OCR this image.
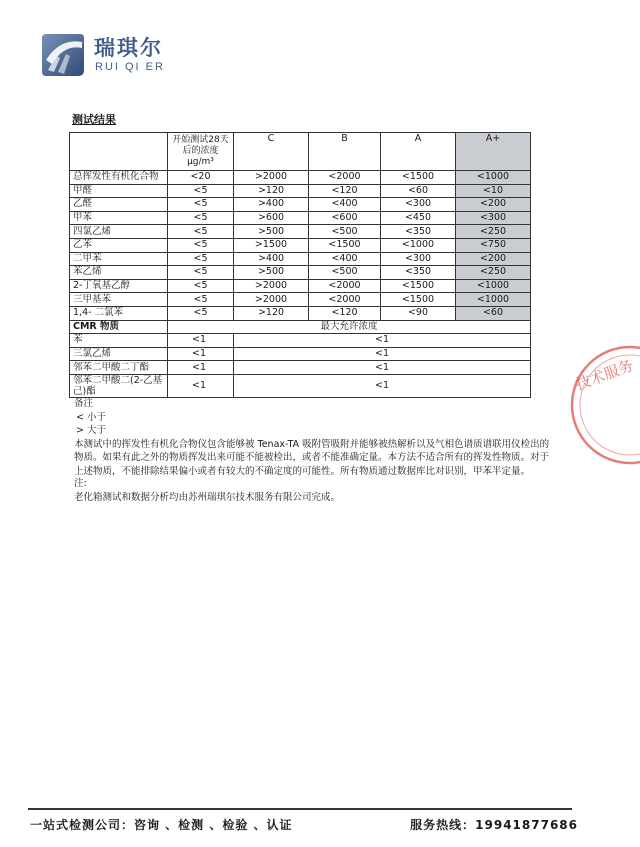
瑞琪尔
RUI QI ER
测试结果
	开始测试28天后的浓度 μg/m³	C	B	A	A+
总挥发性有机化合物	<20	>2000	<2000	<1500	<1000
甲醛	<5	>120	<120	<60	<10
乙醛	<5	>400	<400	<300	<200
甲苯	<5	>600	<600	<450	<300
四氯乙烯	<5	>500	<500	<350	<250
乙苯	<5	>1500	<1500	<1000	<750
二甲苯	<5	>400	<400	<300	<200
苯乙烯	<5	>500	<500	<350	<250
2-丁氧基乙醇	<5	>2000	<2000	<1500	<1000
三甲基苯	<5	>2000	<2000	<1500	<1000
1,4- 二氯苯	<5	>120	<120	<90	<60
CMR 物质	最大允许浓度				
苯	<1	<1			
三氯乙烯	<1	<1			
邻苯二甲酸二丁酯	<1	<1			
邻苯二甲酸二(2-乙基己)酯	<1	<1			

备注

< 小于

> 大于

本测试中的挥发性有机化合物仪包含能够被 Tenax-TA 吸附管吸附并能够被热解析以及气相色谱质谱联用仪检出的物质。如果有此之外的物质挥发出来可能不能被检出，或者不能准确定量。本方法不适合所有的挥发性物质。对于上述物质，不能排除结果偏小或者有较大的不确定度的可能性。所有物质通过数据库比对识别，甲苯半定量。

注:

老化箱测试和数据分析均由苏州瑞琪尔技术服务有限公司完成。

技术服务
一站式检测公司：咨询 、检测 、检验 、认证	服务热线：19941877686
